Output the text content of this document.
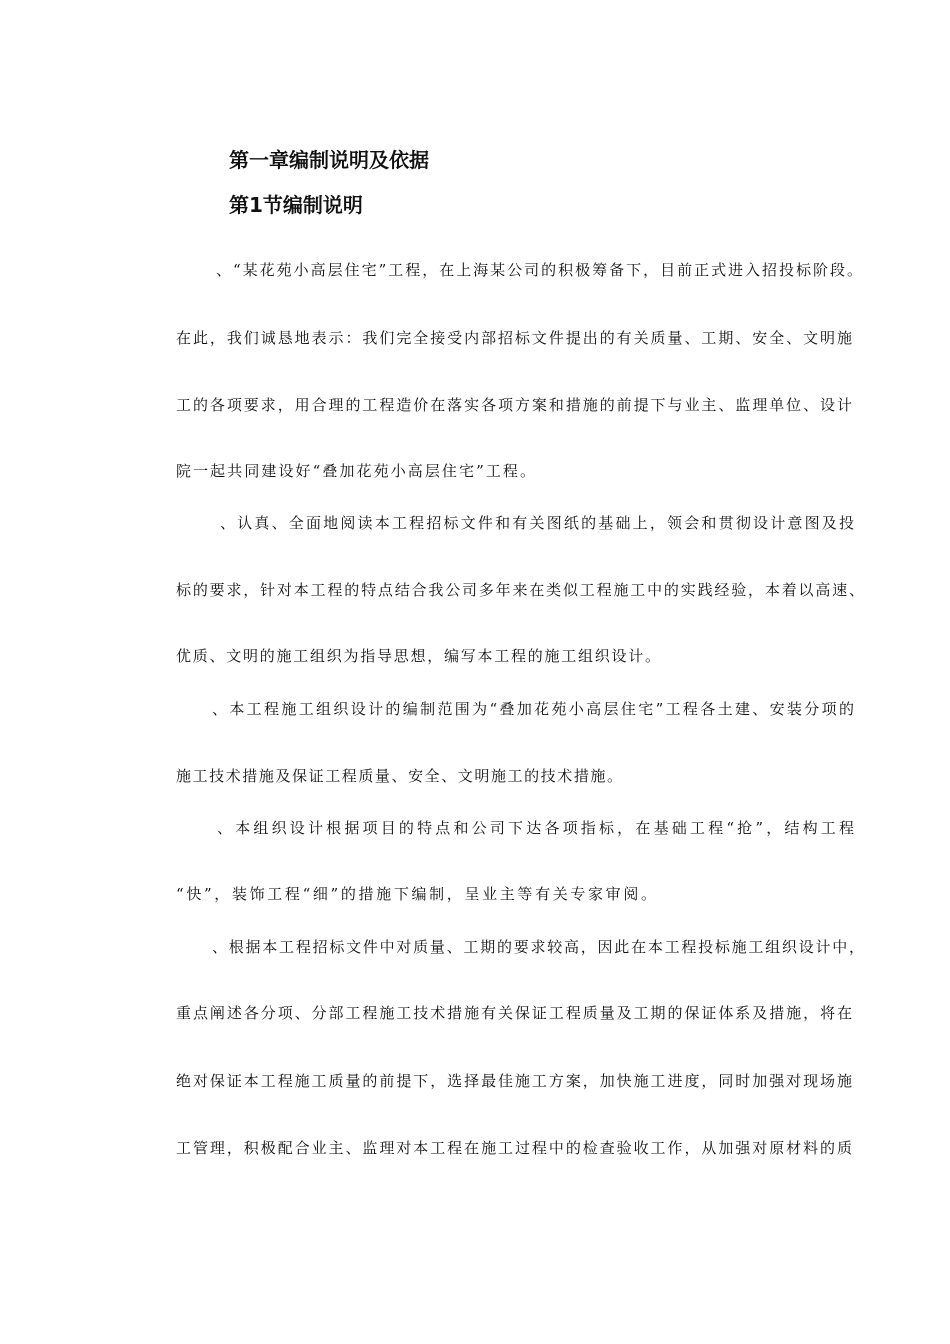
第一章编制说明及依据
第1节编制说明
、“某花苑小高层住宅”工程，在上海某公司的积极筹备下，目前正式进入招投标阶段。
在此，我们诚恳地表示：我们完全接受内部招标文件提出的有关质量、工期、安全、文明施
工的各项要求，用合理的工程造价在落实各项方案和措施的前提下与业主、监理单位、设计
院一起共同建设好“叠加花苑小高层住宅”工程。
、认真、全面地阅读本工程招标文件和有关图纸的基础上，领会和贯彻设计意图及投
标的要求，针对本工程的特点结合我公司多年来在类似工程施工中的实践经验，本着以高速、
优质、文明的施工组织为指导思想，编写本工程的施工组织设计。
、本工程施工组织设计的编制范围为“叠加花苑小高层住宅”工程各土建、安装分项的
施工技术措施及保证工程质量、安全、文明施工的技术措施。
、本组织设计根据项目的特点和公司下达各项指标，在基础工程“抢”，结构工程
“快”，装饰工程“细”的措施下编制，呈业主等有关专家审阅。
、根据本工程招标文件中对质量、工期的要求较高，因此在本工程投标施工组织设计中，
重点阐述各分项、分部工程施工技术措施有关保证工程质量及工期的保证体系及措施，将在
绝对保证本工程施工质量的前提下，选择最佳施工方案，加快施工进度，同时加强对现场施
工管理，积极配合业主、监理对本工程在施工过程中的检查验收工作，从加强对原材料的质
